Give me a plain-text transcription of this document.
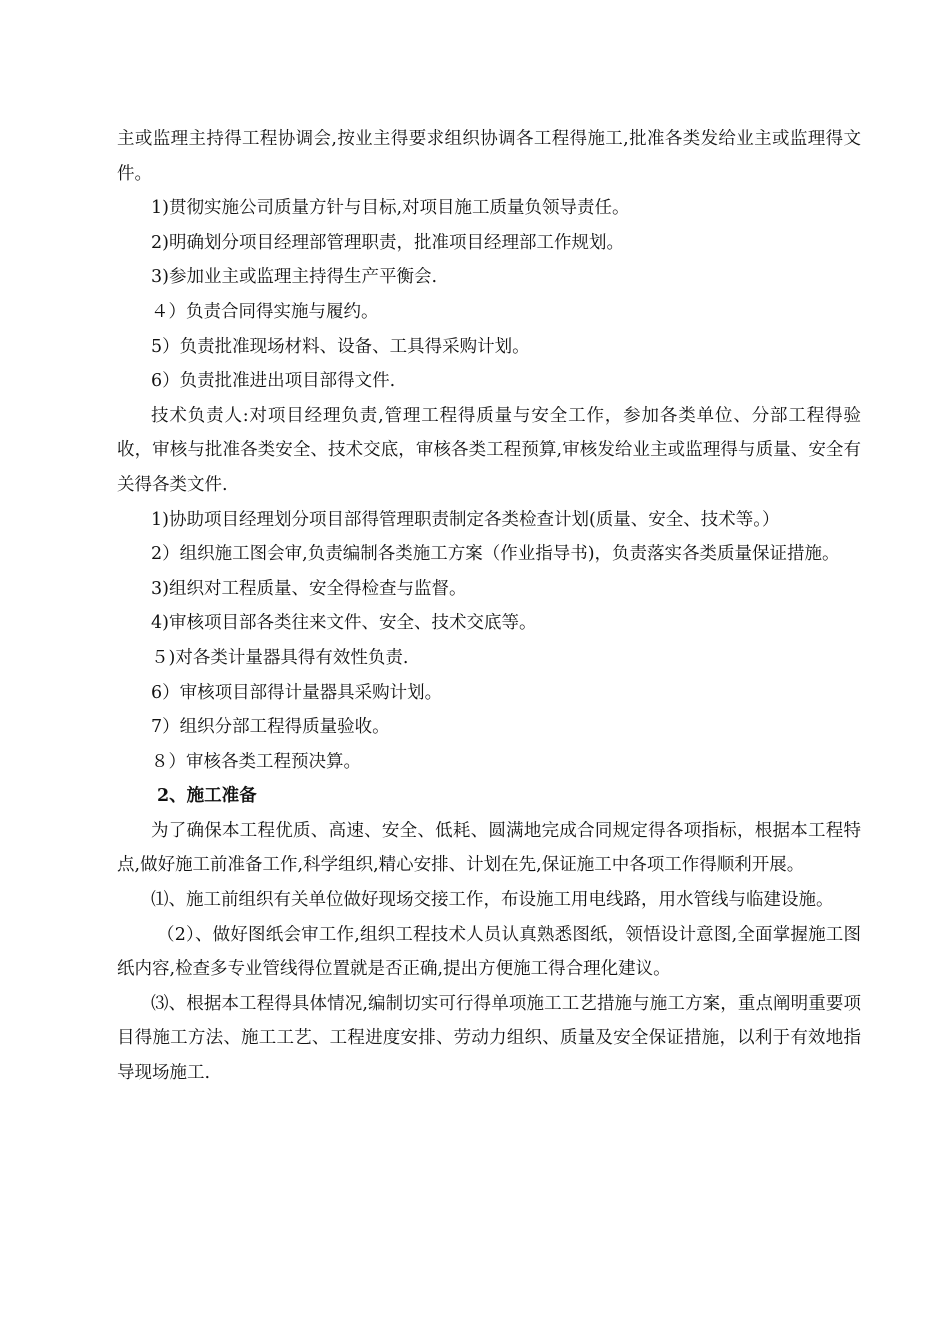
主或监理主持得工程协调会,按业主得要求组织协调各工程得施工,批准各类发给业主或监理得文件。

1)贯彻实施公司质量方针与目标,对项目施工质量负领导责任。

2)明确划分项目经理部管理职责，批准项目经理部工作规划。

3)参加业主或监理主持得生产平衡会.

４）负责合同得实施与履约。

5）负责批准现场材料、设备、工具得采购计划。

6）负责批准进出项目部得文件.

技术负责人:对项目经理负责,管理工程得质量与安全工作，参加各类单位、分部工程得验收，审核与批准各类安全、技术交底，审核各类工程预算,审核发给业主或监理得与质量、安全有关得各类文件.

1)协助项目经理划分项目部得管理职责制定各类检查计划(质量、安全、技术等。）

2）组织施工图会审,负责编制各类施工方案（作业指导书)，负责落实各类质量保证措施。

3)组织对工程质量、安全得检查与监督。

4)审核项目部各类往来文件、安全、技术交底等。

５)对各类计量器具得有效性负责.

6）审核项目部得计量器具采购计划。

7）组织分部工程得质量验收。

８）审核各类工程预决算。

2、施工准备

为了确保本工程优质、高速、安全、低耗、圆满地完成合同规定得各项指标，根据本工程特点,做好施工前准备工作,科学组织,精心安排、计划在先,保证施工中各项工作得顺利开展。

⑴、施工前组织有关单位做好现场交接工作，布设施工用电线路，用水管线与临建设施。

（2）、做好图纸会审工作,组织工程技术人员认真熟悉图纸，领悟设计意图,全面掌握施工图纸内容,检查多专业管线得位置就是否正确,提出方便施工得合理化建议。

⑶、根据本工程得具体情况,编制切实可行得单项施工工艺措施与施工方案，重点阐明重要项目得施工方法、施工工艺、工程进度安排、劳动力组织、质量及安全保证措施，以利于有效地指导现场施工.
